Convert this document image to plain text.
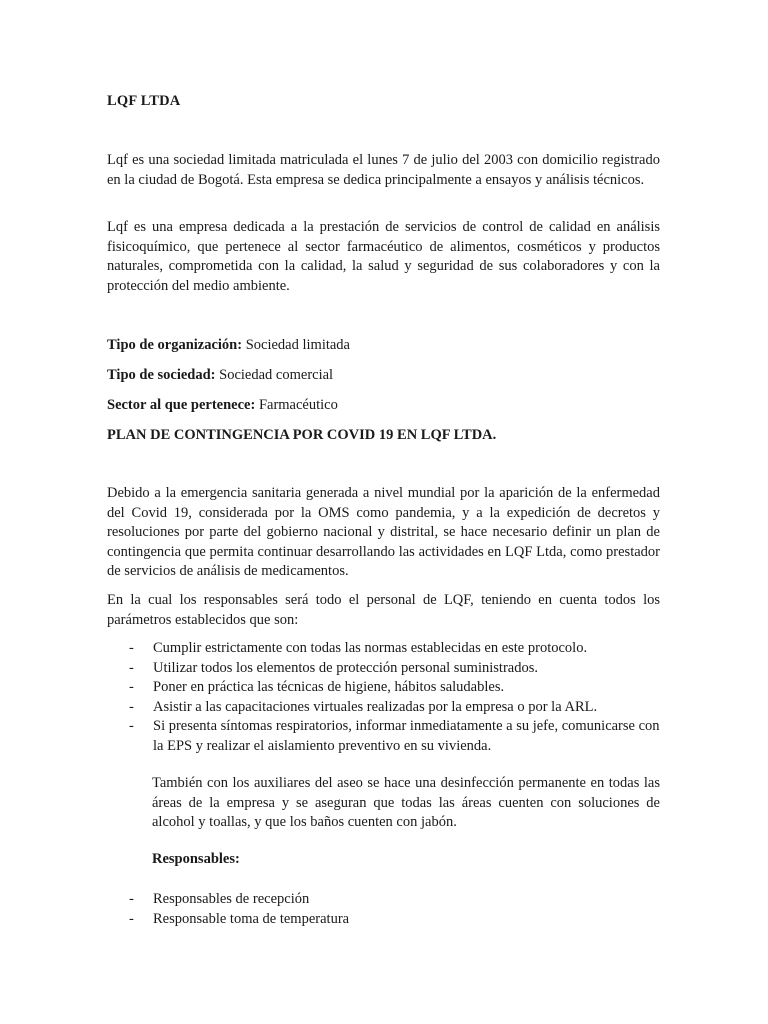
LQF LTDA

Lqf es una sociedad limitada matriculada el lunes 7 de julio del 2003 con domicilio registrado en la ciudad de Bogotá. Esta empresa se dedica principalmente a ensayos y análisis técnicos.

Lqf es una empresa dedicada a la prestación de servicios de control de calidad en análisis fisicoquímico, que pertenece al sector farmacéutico de alimentos, cosméticos y productos naturales, comprometida con la calidad, la salud y seguridad de sus colaboradores y con la protección del medio ambiente.

Tipo de organización: Sociedad limitada
Tipo de sociedad: Sociedad comercial
Sector al que pertenece: Farmacéutico
PLAN DE CONTINGENCIA POR COVID 19 EN LQF LTDA.

Debido a la emergencia sanitaria generada a nivel mundial por la aparición de la enfermedad del Covid 19, considerada por la OMS como pandemia, y a la expedición de decretos y resoluciones por parte del gobierno nacional y distrital, se hace necesario definir un plan de contingencia que permita continuar desarrollando las actividades en LQF Ltda, como prestador de servicios de análisis de medicamentos.

En la cual los responsables será todo el personal de LQF, teniendo en cuenta todos los parámetros establecidos que son:

- Cumplir estrictamente con todas las normas establecidas en este protocolo.
- Utilizar todos los elementos de protección personal suministrados.
- Poner en práctica las técnicas de higiene, hábitos saludables.
- Asistir a las capacitaciones virtuales realizadas por la empresa o por la ARL.
- Si presenta síntomas respiratorios, informar inmediatamente a su jefe, comunicarse con la EPS y realizar el aislamiento preventivo en su vivienda.

También con los auxiliares del aseo se hace una desinfección permanente en todas las áreas de la empresa y se aseguran que todas las áreas cuenten con soluciones de alcohol y toallas, y que los baños cuenten con jabón.

Responsables:
- Responsables de recepción
- Responsable toma de temperatura
